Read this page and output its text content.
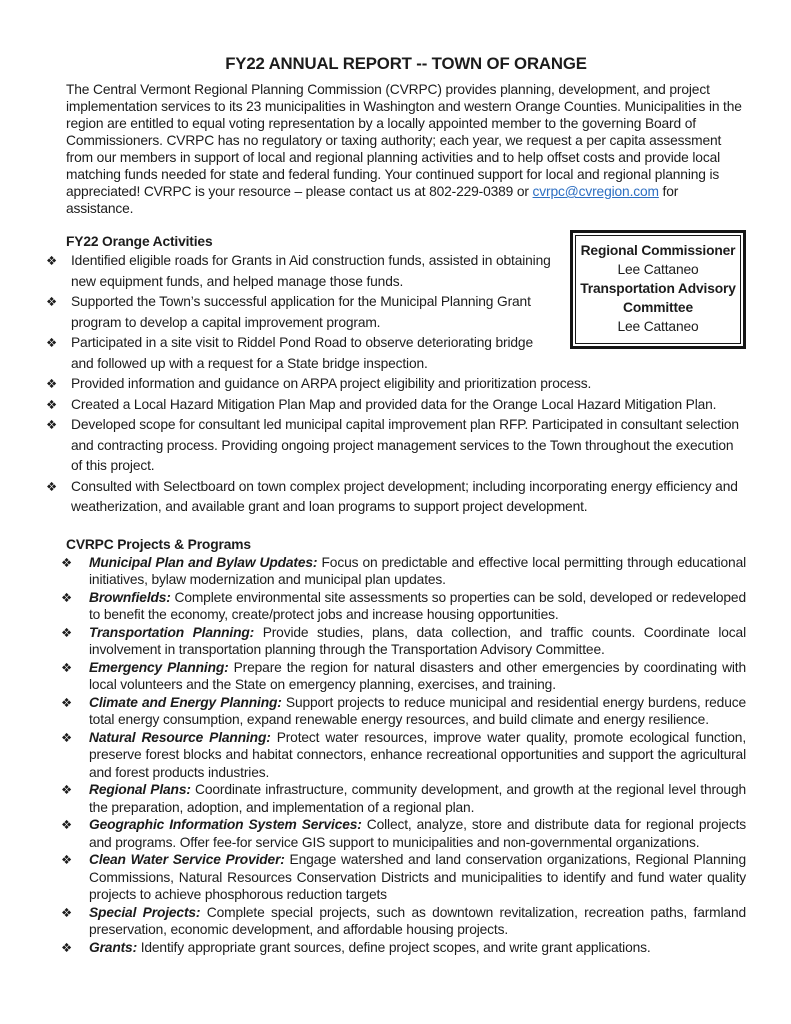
FY22 ANNUAL REPORT -- TOWN OF ORANGE

The Central Vermont Regional Planning Commission (CVRPC) provides planning, development, and project implementation services to its 23 municipalities in Washington and western Orange Counties. Municipalities in the region are entitled to equal voting representation by a locally appointed member to the governing Board of Commissioners. CVRPC has no regulatory or taxing authority; each year, we request a per capita assessment from our members in support of local and regional planning activities and to help offset costs and provide local matching funds needed for state and federal funding. Your continued support for local and regional planning is appreciated! CVRPC is your resource – please contact us at 802-229-0389 or cvrpc@cvregion.com for assistance.

Regional Commissioner
Lee Cattaneo
Transportation Advisory Committee
Lee Cattaneo
FY22 Orange Activities
❖ Identified eligible roads for Grants in Aid construction funds, assisted in obtaining new equipment funds, and helped manage those funds.
❖ Supported the Town’s successful application for the Municipal Planning Grant program to develop a capital improvement program.
❖ Participated in a site visit to Riddel Pond Road to observe deteriorating bridge and followed up with a request for a State bridge inspection.
❖ Provided information and guidance on ARPA project eligibility and prioritization process.
❖ Created a Local Hazard Mitigation Plan Map and provided data for the Orange Local Hazard Mitigation Plan.
❖ Developed scope for consultant led municipal capital improvement plan RFP. Participated in consultant selection and contracting process. Providing ongoing project management services to the Town throughout the execution of this project.
❖ Consulted with Selectboard on town complex project development; including incorporating energy efficiency and weatherization, and available grant and loan programs to support project development.
CVRPC Projects & Programs
❖ Municipal Plan and Bylaw Updates: Focus on predictable and effective local permitting through educational initiatives, bylaw modernization and municipal plan updates.
❖ Brownfields: Complete environmental site assessments so properties can be sold, developed or redeveloped to benefit the economy, create/protect jobs and increase housing opportunities.
❖ Transportation Planning: Provide studies, plans, data collection, and traffic counts. Coordinate local involvement in transportation planning through the Transportation Advisory Committee.
❖ Emergency Planning: Prepare the region for natural disasters and other emergencies by coordinating with local volunteers and the State on emergency planning, exercises, and training.
❖ Climate and Energy Planning: Support projects to reduce municipal and residential energy burdens, reduce total energy consumption, expand renewable energy resources, and build climate and energy resilience.
❖ Natural Resource Planning: Protect water resources, improve water quality, promote ecological function, preserve forest blocks and habitat connectors, enhance recreational opportunities and support the agricultural and forest products industries.
❖ Regional Plans: Coordinate infrastructure, community development, and growth at the regional level through the preparation, adoption, and implementation of a regional plan.
❖ Geographic Information System Services: Collect, analyze, store and distribute data for regional projects and programs. Offer fee-for service GIS support to municipalities and non-governmental organizations.
❖ Clean Water Service Provider: Engage watershed and land conservation organizations, Regional Planning Commissions, Natural Resources Conservation Districts and municipalities to identify and fund water quality projects to achieve phosphorous reduction targets
❖ Special Projects: Complete special projects, such as downtown revitalization, recreation paths, farmland preservation, economic development, and affordable housing projects.
❖ Grants: Identify appropriate grant sources, define project scopes, and write grant applications.
